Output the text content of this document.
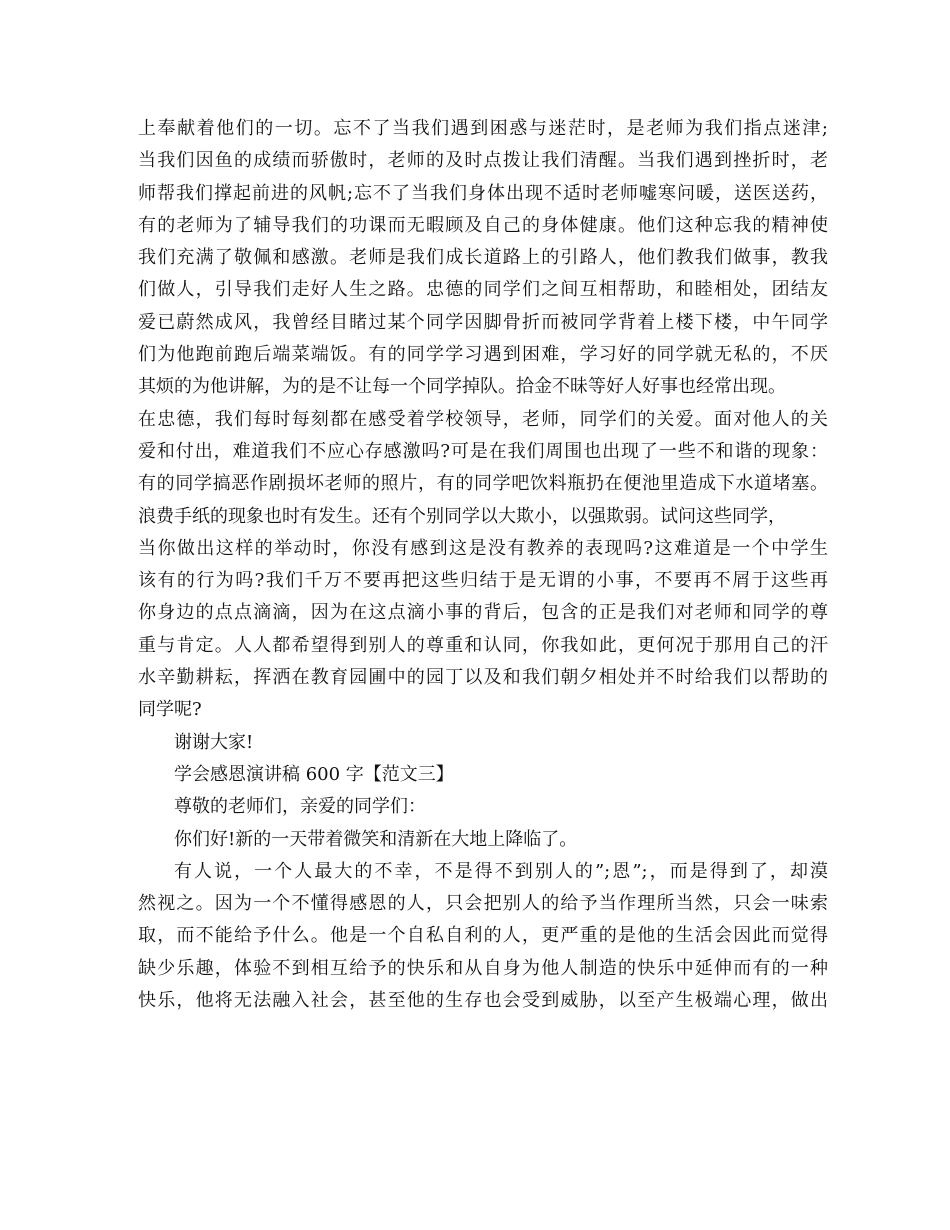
上奉献着他们的一切。忘不了当我们遇到困惑与迷茫时，是老师为我们指点迷津;
当我们因鱼的成绩而骄傲时，老师的及时点拨让我们清醒。当我们遇到挫折时，老
师帮我们撑起前进的风帆;忘不了当我们身体出现不适时老师嘘寒问暖，送医送药，
有的老师为了辅导我们的功课而无暇顾及自己的身体健康。他们这种忘我的精神使
我们充满了敬佩和感激。老师是我们成长道路上的引路人，他们教我们做事，教我
们做人，引导我们走好人生之路。忠德的同学们之间互相帮助，和睦相处，团结友
爱已蔚然成风，我曾经目睹过某个同学因脚骨折而被同学背着上楼下楼，中午同学
们为他跑前跑后端菜端饭。有的同学学习遇到困难，学习好的同学就无私的，不厌
其烦的为他讲解，为的是不让每一个同学掉队。拾金不昧等好人好事也经常出现。
在忠德，我们每时每刻都在感受着学校领导，老师，同学们的关爱。面对他人的关
爱和付出，难道我们不应心存感激吗?可是在我们周围也出现了一些不和谐的现象：
有的同学搞恶作剧损坏老师的照片，有的同学吧饮料瓶扔在便池里造成下水道堵塞。
浪费手纸的现象也时有发生。还有个别同学以大欺小，以强欺弱。试问这些同学，
当你做出这样的举动时，你没有感到这是没有教养的表现吗?这难道是一个中学生
该有的行为吗?我们千万不要再把这些归结于是无谓的小事，不要再不屑于这些再
你身边的点点滴滴，因为在这点滴小事的背后，包含的正是我们对老师和同学的尊
重与肯定。人人都希望得到别人的尊重和认同，你我如此，更何况于那用自己的汗
水辛勤耕耘，挥洒在教育园圃中的园丁以及和我们朝夕相处并不时给我们以帮助的
同学呢?
谢谢大家!
学会感恩演讲稿 600 字【范文三】
尊敬的老师们，亲爱的同学们：
你们好!新的一天带着微笑和清新在大地上降临了。
有人说，一个人最大的不幸，不是得不到别人的”;恩”;，而是得到了，却漠
然视之。因为一个不懂得感恩的人，只会把别人的给予当作理所当然，只会一味索
取，而不能给予什么。他是一个自私自利的人，更严重的是他的生活会因此而觉得
缺少乐趣，体验不到相互给予的快乐和从自身为他人制造的快乐中延伸而有的一种
快乐，他将无法融入社会，甚至他的生存也会受到威胁，以至产生极端心理，做出
